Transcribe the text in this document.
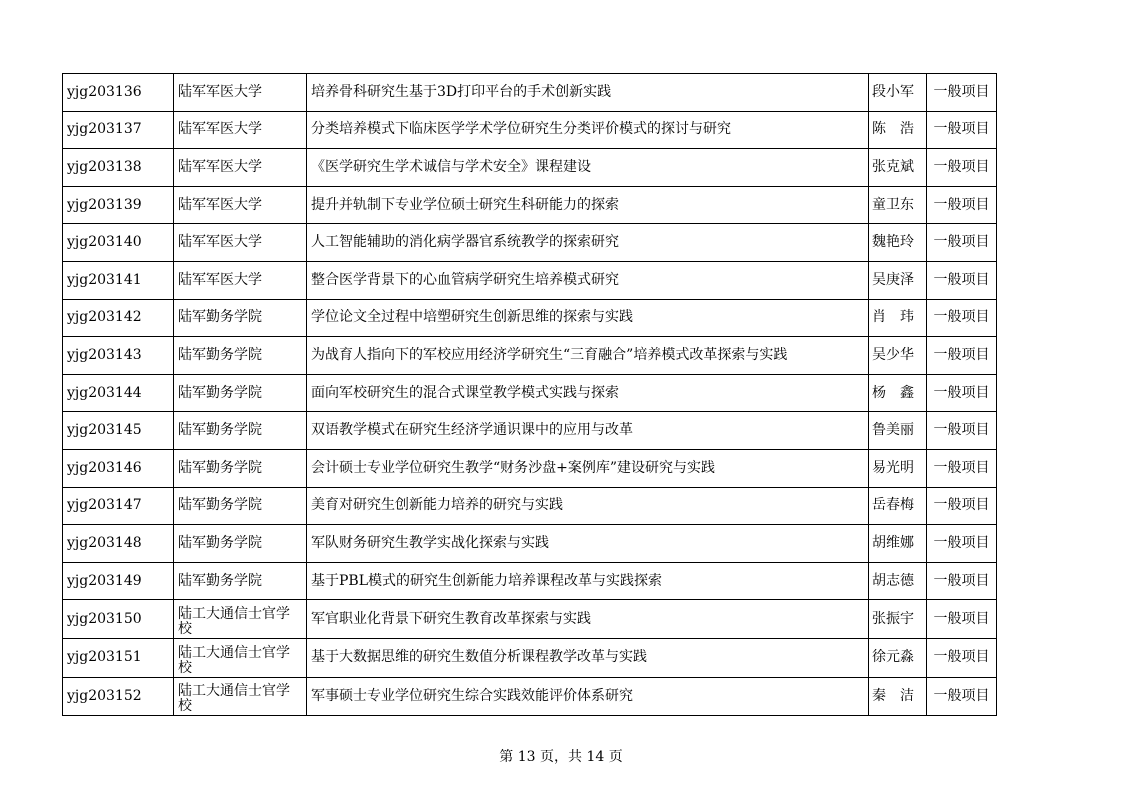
yjg203136	陆军军医大学	培养骨科研究生基于3D打印平台的手术创新实践	段小军	一般项目
yjg203137	陆军军医大学	分类培养模式下临床医学学术学位研究生分类评价模式的探讨与研究	陈　浩	一般项目
yjg203138	陆军军医大学	《医学研究生学术诚信与学术安全》课程建设	张克斌	一般项目
yjg203139	陆军军医大学	提升并轨制下专业学位硕士研究生科研能力的探索	童卫东	一般项目
yjg203140	陆军军医大学	人工智能辅助的消化病学器官系统教学的探索研究	魏艳玲	一般项目
yjg203141	陆军军医大学	整合医学背景下的心血管病学研究生培养模式研究	吴庚泽	一般项目
yjg203142	陆军勤务学院	学位论文全过程中培塑研究生创新思维的探索与实践	肖　玮	一般项目
yjg203143	陆军勤务学院	为战育人指向下的军校应用经济学研究生“三育融合”培养模式改革探索与实践	吴少华	一般项目
yjg203144	陆军勤务学院	面向军校研究生的混合式课堂教学模式实践与探索	杨　鑫	一般项目
yjg203145	陆军勤务学院	双语教学模式在研究生经济学通识课中的应用与改革	鲁美丽	一般项目
yjg203146	陆军勤务学院	会计硕士专业学位研究生教学“财务沙盘+案例库”建设研究与实践	易光明	一般项目
yjg203147	陆军勤务学院	美育对研究生创新能力培养的研究与实践	岳春梅	一般项目
yjg203148	陆军勤务学院	军队财务研究生教学实战化探索与实践	胡维娜	一般项目
yjg203149	陆军勤务学院	基于PBL模式的研究生创新能力培养课程改革与实践探索	胡志德	一般项目
yjg203150	陆工大通信士官学校	军官职业化背景下研究生教育改革探索与实践	张振宇	一般项目
yjg203151	陆工大通信士官学校	基于大数据思维的研究生数值分析课程教学改革与实践	徐元淼	一般项目
yjg203152	陆工大通信士官学校	军事硕士专业学位研究生综合实践效能评价体系研究	秦　洁	一般项目
第 13 页，共 14 页
